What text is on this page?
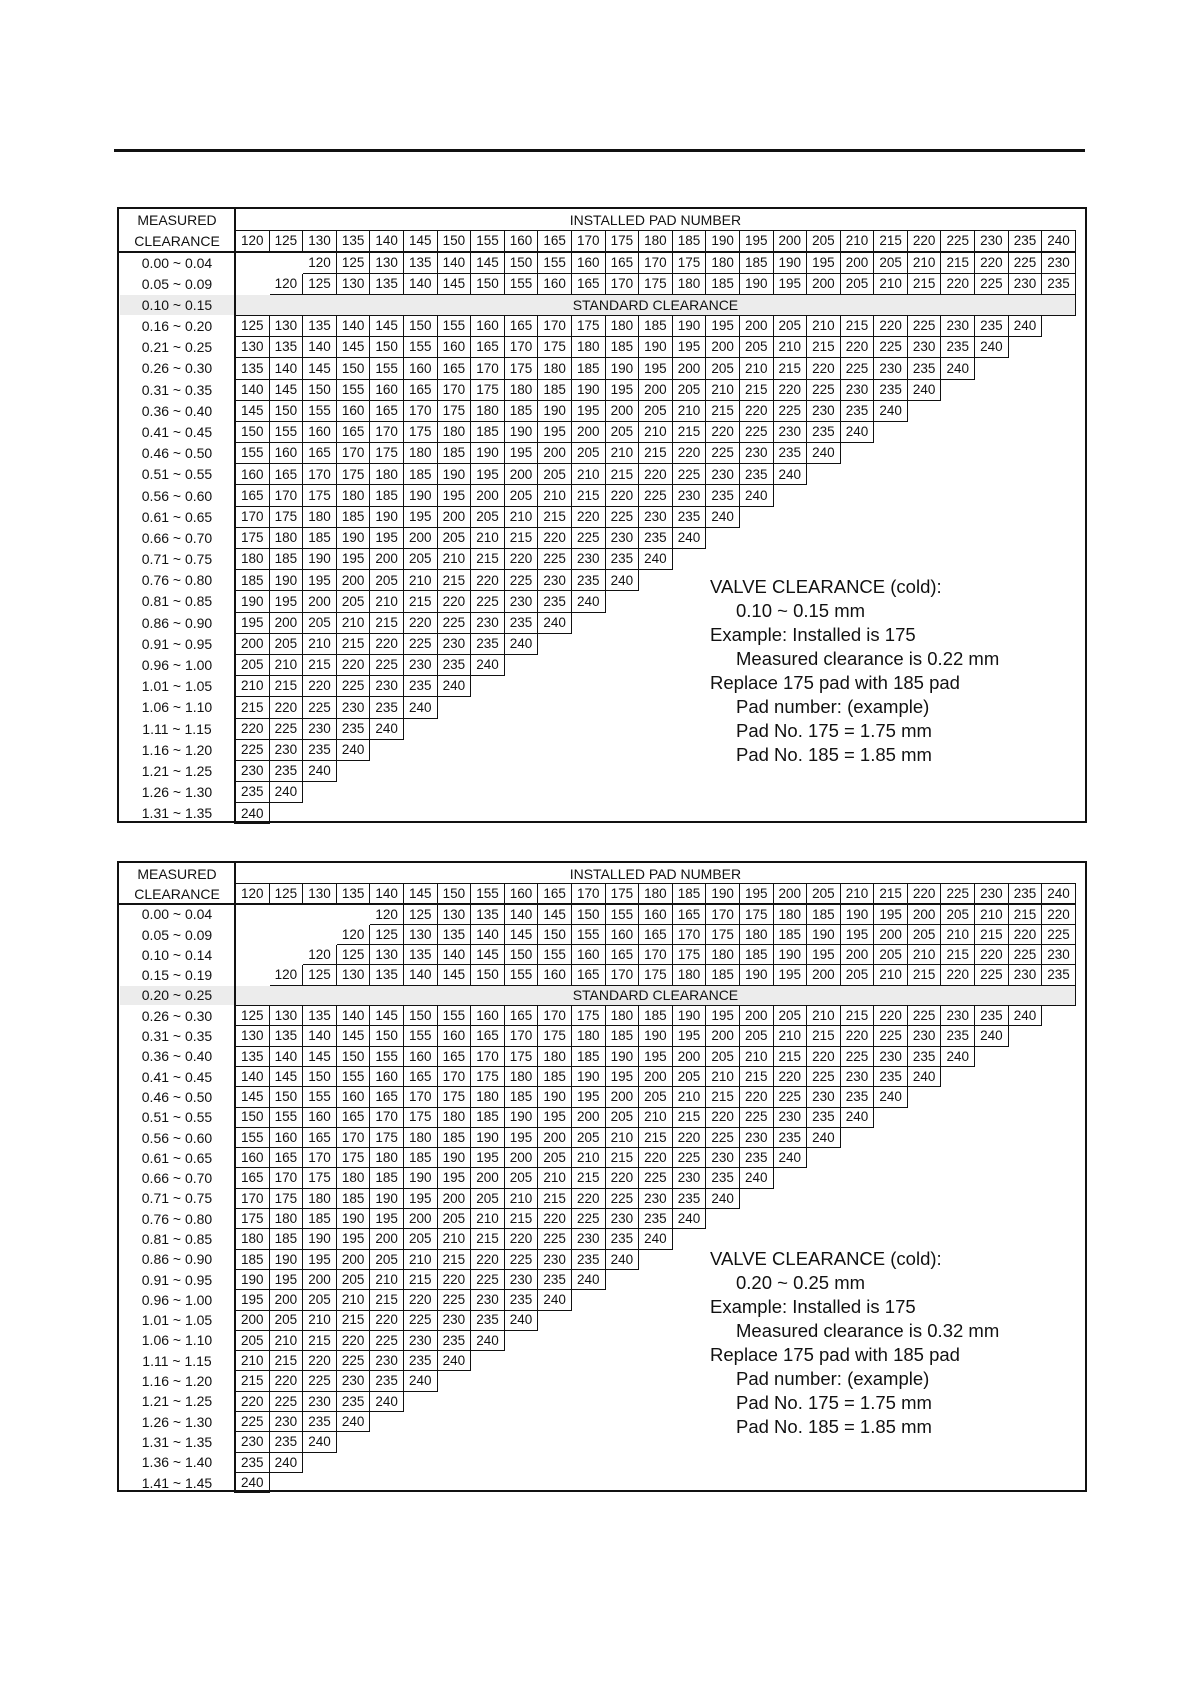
MEASURED	INSTALLED PAD NUMBER																								
CLEARANCE	120	125	130	135	140	145	150	155	160	165	170	175	180	185	190	195	200	205	210	215	220	225	230	235	240
0.00 ~ 0.04			120	125	130	135	140	145	150	155	160	165	170	175	180	185	190	195	200	205	210	215	220	225	230
0.05 ~ 0.09		120	125	130	135	140	145	150	155	160	165	170	175	180	185	190	195	200	205	210	215	220	225	230	235
0.10 ~ 0.15	STANDARD CLEARANCE																								
0.16 ~ 0.20	125	130	135	140	145	150	155	160	165	170	175	180	185	190	195	200	205	210	215	220	225	230	235	240	
0.21 ~ 0.25	130	135	140	145	150	155	160	165	170	175	180	185	190	195	200	205	210	215	220	225	230	235	240		
0.26 ~ 0.30	135	140	145	150	155	160	165	170	175	180	185	190	195	200	205	210	215	220	225	230	235	240			
0.31 ~ 0.35	140	145	150	155	160	165	170	175	180	185	190	195	200	205	210	215	220	225	230	235	240				
0.36 ~ 0.40	145	150	155	160	165	170	175	180	185	190	195	200	205	210	215	220	225	230	235	240					
0.41 ~ 0.45	150	155	160	165	170	175	180	185	190	195	200	205	210	215	220	225	230	235	240						
0.46 ~ 0.50	155	160	165	170	175	180	185	190	195	200	205	210	215	220	225	230	235	240							
0.51 ~ 0.55	160	165	170	175	180	185	190	195	200	205	210	215	220	225	230	235	240								
0.56 ~ 0.60	165	170	175	180	185	190	195	200	205	210	215	220	225	230	235	240									
0.61 ~ 0.65	170	175	180	185	190	195	200	205	210	215	220	225	230	235	240										
0.66 ~ 0.70	175	180	185	190	195	200	205	210	215	220	225	230	235	240											
0.71 ~ 0.75	180	185	190	195	200	205	210	215	220	225	230	235	240												
0.76 ~ 0.80	185	190	195	200	205	210	215	220	225	230	235	240													
0.81 ~ 0.85	190	195	200	205	210	215	220	225	230	235	240														
0.86 ~ 0.90	195	200	205	210	215	220	225	230	235	240															
0.91 ~ 0.95	200	205	210	215	220	225	230	235	240																
0.96 ~ 1.00	205	210	215	220	225	230	235	240																	
1.01 ~ 1.05	210	215	220	225	230	235	240																		
1.06 ~ 1.10	215	220	225	230	235	240																			
1.11 ~ 1.15	220	225	230	235	240																				
1.16 ~ 1.20	225	230	235	240																					
1.21 ~ 1.25	230	235	240																						
1.26 ~ 1.30	235	240																							
1.31 ~ 1.35	240																								
VALVE CLEARANCE (cold):
0.10 ~ 0.15 mm
Example: Installed is 175
Measured clearance is 0.22 mm
Replace 175 pad with 185 pad
Pad number: (example)
Pad No. 175 = 1.75 mm
Pad No. 185 = 1.85 mm
MEASURED	INSTALLED PAD NUMBER																								
CLEARANCE	120	125	130	135	140	145	150	155	160	165	170	175	180	185	190	195	200	205	210	215	220	225	230	235	240
0.00 ~ 0.04					120	125	130	135	140	145	150	155	160	165	170	175	180	185	190	195	200	205	210	215	220
0.05 ~ 0.09				120	125	130	135	140	145	150	155	160	165	170	175	180	185	190	195	200	205	210	215	220	225
0.10 ~ 0.14			120	125	130	135	140	145	150	155	160	165	170	175	180	185	190	195	200	205	210	215	220	225	230
0.15 ~ 0.19		120	125	130	135	140	145	150	155	160	165	170	175	180	185	190	195	200	205	210	215	220	225	230	235
0.20 ~ 0.25	STANDARD CLEARANCE																								
0.26 ~ 0.30	125	130	135	140	145	150	155	160	165	170	175	180	185	190	195	200	205	210	215	220	225	230	235	240	
0.31 ~ 0.35	130	135	140	145	150	155	160	165	170	175	180	185	190	195	200	205	210	215	220	225	230	235	240		
0.36 ~ 0.40	135	140	145	150	155	160	165	170	175	180	185	190	195	200	205	210	215	220	225	230	235	240			
0.41 ~ 0.45	140	145	150	155	160	165	170	175	180	185	190	195	200	205	210	215	220	225	230	235	240				
0.46 ~ 0.50	145	150	155	160	165	170	175	180	185	190	195	200	205	210	215	220	225	230	235	240					
0.51 ~ 0.55	150	155	160	165	170	175	180	185	190	195	200	205	210	215	220	225	230	235	240						
0.56 ~ 0.60	155	160	165	170	175	180	185	190	195	200	205	210	215	220	225	230	235	240							
0.61 ~ 0.65	160	165	170	175	180	185	190	195	200	205	210	215	220	225	230	235	240								
0.66 ~ 0.70	165	170	175	180	185	190	195	200	205	210	215	220	225	230	235	240									
0.71 ~ 0.75	170	175	180	185	190	195	200	205	210	215	220	225	230	235	240										
0.76 ~ 0.80	175	180	185	190	195	200	205	210	215	220	225	230	235	240											
0.81 ~ 0.85	180	185	190	195	200	205	210	215	220	225	230	235	240												
0.86 ~ 0.90	185	190	195	200	205	210	215	220	225	230	235	240													
0.91 ~ 0.95	190	195	200	205	210	215	220	225	230	235	240														
0.96 ~ 1.00	195	200	205	210	215	220	225	230	235	240															
1.01 ~ 1.05	200	205	210	215	220	225	230	235	240																
1.06 ~ 1.10	205	210	215	220	225	230	235	240																	
1.11 ~ 1.15	210	215	220	225	230	235	240																		
1.16 ~ 1.20	215	220	225	230	235	240																			
1.21 ~ 1.25	220	225	230	235	240																				
1.26 ~ 1.30	225	230	235	240																					
1.31 ~ 1.35	230	235	240																						
1.36 ~ 1.40	235	240																							
1.41 ~ 1.45	240																								
VALVE CLEARANCE (cold):
0.20 ~ 0.25 mm
Example: Installed is 175
Measured clearance is 0.32 mm
Replace 175 pad with 185 pad
Pad number: (example)
Pad No. 175 = 1.75 mm
Pad No. 185 = 1.85 mm
